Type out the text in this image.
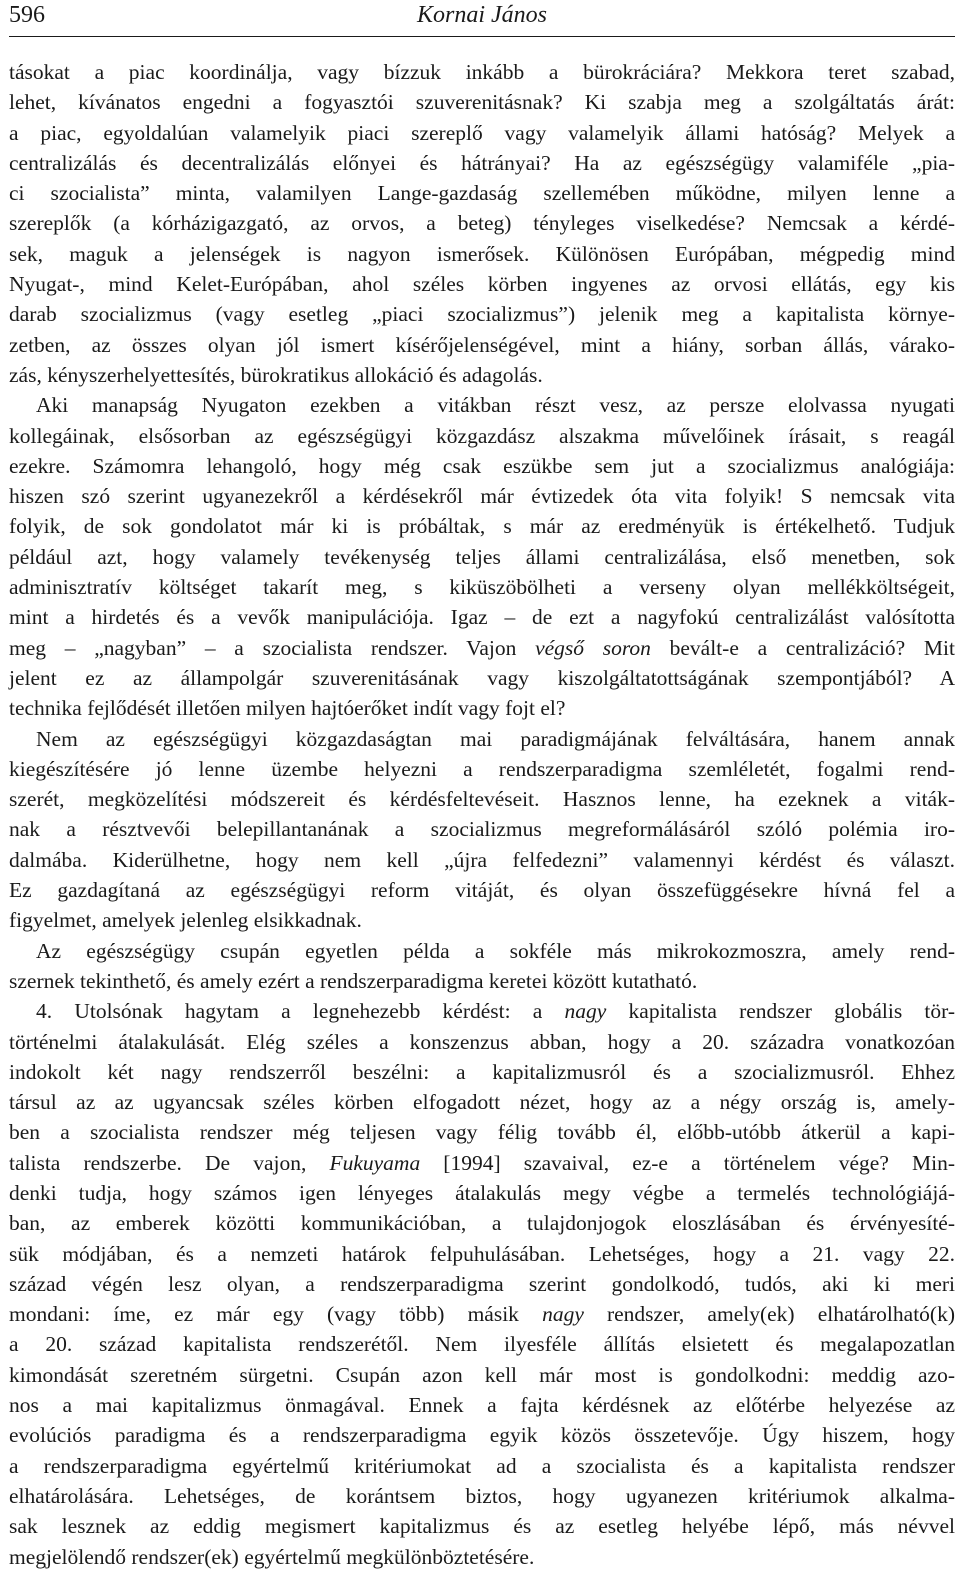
596	Kornai János
tásokat a piac koordinálja, vagy bízzuk inkább a bürokráciára? Mekkora teret szabad,
lehet, kívánatos engedni a fogyasztói szuverenitásnak? Ki szabja meg a szolgáltatás árát:
a piac, egyoldalúan valamelyik piaci szereplő vagy valamelyik állami hatóság? Melyek a
centralizálás és decentralizálás előnyei és hátrányai? Ha az egészségügy valamiféle „pia-
ci szocialista” minta, valamilyen Lange-gazdaság szellemében működne, milyen lenne a
szereplők (a kórházigazgató, az orvos, a beteg) tényleges viselkedése? Nemcsak a kérdé-
sek, maguk a jelenségek is nagyon ismerősek. Különösen Európában, mégpedig mind
Nyugat-, mind Kelet-Európában, ahol széles körben ingyenes az orvosi ellátás, egy kis
darab szocializmus (vagy esetleg „piaci szocializmus”) jelenik meg a kapitalista környe-
zetben, az összes olyan jól ismert kísérőjelenségével, mint a hiány, sorban állás, várako-
zás, kényszerhelyettesítés, bürokratikus allokáció és adagolás.
Aki manapság Nyugaton ezekben a vitákban részt vesz, az persze elolvassa nyugati
kollegáinak, elsősorban az egészségügyi közgazdász alszakma művelőinek írásait, s reagál
ezekre. Számomra lehangoló, hogy még csak eszükbe sem jut a szocializmus analógiája:
hiszen szó szerint ugyanezekről a kérdésekről már évtizedek óta vita folyik! S nemcsak vita
folyik, de sok gondolatot már ki is próbáltak, s már az eredményük is értékelhető. Tudjuk
például azt, hogy valamely tevékenység teljes állami centralizálása, első menetben, sok
adminisztratív költséget takarít meg, s kiküszöbölheti a verseny olyan mellékköltségeit,
mint a hirdetés és a vevők manipulációja. Igaz – de ezt a nagyfokú centralizálást valósította
meg – „nagyban” – a szocialista rendszer. Vajon végső soron bevált-e a centralizáció? Mit
jelent ez az állampolgár szuverenitásának vagy kiszolgáltatottságának szempontjából? A
technika fejlődését illetően milyen hajtóerőket indít vagy fojt el?
Nem az egészségügyi közgazdaságtan mai paradigmájának felváltására, hanem annak
kiegészítésére jó lenne üzembe helyezni a rendszerparadigma szemléletét, fogalmi rend-
szerét, megközelítési módszereit és kérdésfeltevéseit. Hasznos lenne, ha ezeknek a viták-
nak a résztvevői belepillantanának a szocializmus megreformálásáról szóló polémia iro-
dalmába. Kiderülhetne, hogy nem kell „újra felfedezni” valamennyi kérdést és választ.
Ez gazdagítaná az egészségügyi reform vitáját, és olyan összefüggésekre hívná fel a
figyelmet, amelyek jelenleg elsikkadnak.
Az egészségügy csupán egyetlen példa a sokféle más mikrokozmoszra, amely rend-
szernek tekinthető, és amely ezért a rendszerparadigma keretei között kutatható.
4. Utolsónak hagytam a legnehezebb kérdést: a nagy kapitalista rendszer globális tör-
történelmi átalakulását. Elég széles a konszenzus abban, hogy a 20. századra vonatkozóan
indokolt két nagy rendszerről beszélni: a kapitalizmusról és a szocializmusról. Ehhez
társul az az ugyancsak széles körben elfogadott nézet, hogy az a négy ország is, amely-
ben a szocialista rendszer még teljesen vagy félig tovább él, előbb-utóbb átkerül a kapi-
talista rendszerbe. De vajon, Fukuyama [1994] szavaival, ez-e a történelem vége? Min-
denki tudja, hogy számos igen lényeges átalakulás megy végbe a termelés technológiájá-
ban, az emberek közötti kommunikációban, a tulajdonjogok eloszlásában és érvényesíté-
sük módjában, és a nemzeti határok felpuhulásában. Lehetséges, hogy a 21. vagy 22.
század végén lesz olyan, a rendszerparadigma szerint gondolkodó, tudós, aki ki meri
mondani: íme, ez már egy (vagy több) másik nagy rendszer, amely(ek) elhatárolható(k)
a 20. század kapitalista rendszerétől. Nem ilyesféle állítás elsietett és megalapozatlan
kimondását szeretném sürgetni. Csupán azon kell már most is gondolkodni: meddig azo-
nos a mai kapitalizmus önmagával. Ennek a fajta kérdésnek az előtérbe helyezése az
evolúciós paradigma és a rendszerparadigma egyik közös összetevője. Úgy hiszem, hogy
a rendszerparadigma egyértelmű kritériumokat ad a szocialista és a kapitalista rendszer
elhatárolására. Lehetséges, de korántsem biztos, hogy ugyanezen kritériumok alkalma-
sak lesznek az eddig megismert kapitalizmus és az esetleg helyébe lépő, más névvel
megjelölendő rendszer(ek) egyértelmű megkülönböztetésére.
